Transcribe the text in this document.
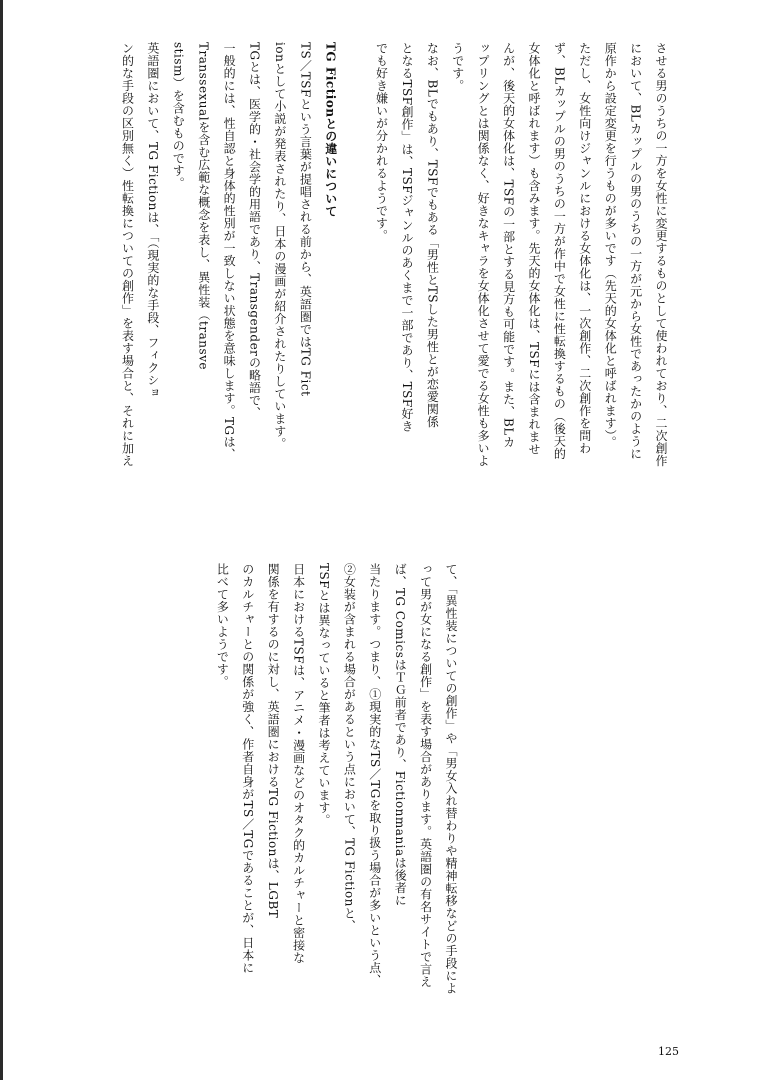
させる男のうちの一方を女性に変更するものとして使われており、二次創作

において、BLカップルの男のうちの一方が元から女性であったかのように

原作から設定変更を行うものが多いです（先天的女体化と呼ばれます）。

ただし、女性向けジャンルにおける女体化は、一次創作、二次創作を問わ

ず、BLカップルの男のうちの一方が作中で女性に性転換するもの（後天的

女体化と呼ばれます）も含みます。先天的女体化は、TSFには含まれませ

んが、後天的女体化は、TSFの一部とする見方も可能です。また、BLカ

ップリングとは関係なく、好きなキャラを女体化させて愛でる女性も多いよ

うです。

なお、BLでもあり、TSFでもある「男性とTSした男性とが恋愛関係

となるTSF創作」は、TSFジャンルのあくまで一部であり、TSF好き

でも好き嫌いが分かれるようです。

TG Fictionとの違いについて

TS／TSFという言葉が提唱される前から、英語圏ではTG Fict

ionとして小説が発表されたり、日本の漫画が紹介されたりしています。

TGとは、医学的・社会学的用語であり、Transgenderの略語で、

一般的には、性自認と身体的性別が一致しない状態を意味します。TGは、

Transsexualを含む広範な概念を表し、異性装（transve

stism）を含むものです。

英語圏において、TG Fictionは、「（現実的な手段、フィクショ

ン的な手段の区別無く）性転換についての創作」を表す場合と、それに加え

て、「異性装についての創作」や「男女入れ替わりや精神転移などの手段によ

って男が女になる創作」を表す場合があります。英語圏の有名サイトで言え

ば、TG ComicsはＴＧ前者であり、Fictionmaniaは後者に

当たります。つまり、①現実的なTS／TGを取り扱う場合が多いという点、

②女装が含まれる場合があるという点において、TG Fictionと、

TSFとは異なっていると筆者は考えています。

日本におけるTSFは、アニメ・漫画などのオタク的カルチャーと密接な

関係を有するのに対し、英語圏におけるTG Fictionは、LGBT

のカルチャーとの関係が強く、作者自身がTS／TGであることが、日本に

比べて多いようです。

125
